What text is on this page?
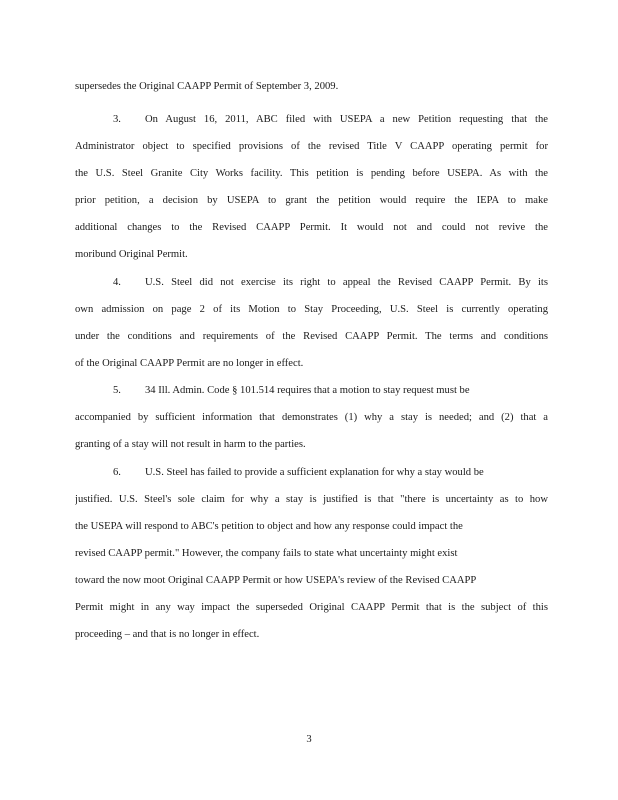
supersedes the Original CAAPP Permit of September 3, 2009.
3. On August 16, 2011, ABC filed with USEPA a new Petition requesting that the
Administrator object to specified provisions of the revised Title V CAAPP operating permit for
the U.S. Steel Granite City Works facility. This petition is pending before USEPA. As with the
prior petition, a decision by USEPA to grant the petition would require the IEPA to make
additional changes to the Revised CAAPP Permit. It would not and could not revive the
moribund Original Permit.
4. U.S. Steel did not exercise its right to appeal the Revised CAAPP Permit. By its
own admission on page 2 of its Motion to Stay Proceeding, U.S. Steel is currently operating
under the conditions and requirements of the Revised CAAPP Permit. The terms and conditions
of the Original CAAPP Permit are no longer in effect.
5. 34 Ill. Admin. Code § 101.514 requires that a motion to stay request must be
accompanied by sufficient information that demonstrates (1) why a stay is needed; and (2) that a
granting of a stay will not result in harm to the parties.
6. U.S. Steel has failed to provide a sufficient explanation for why a stay would be
justified. U.S. Steel's sole claim for why a stay is justified is that "there is uncertainty as to how
the USEPA will respond to ABC's petition to object and how any response could impact the
revised CAAPP permit." However, the company fails to state what uncertainty might exist
toward the now moot Original CAAPP Permit or how USEPA's review of the Revised CAAPP
Permit might in any way impact the superseded Original CAAPP Permit that is the subject of this
proceeding – and that is no longer in effect.
3
